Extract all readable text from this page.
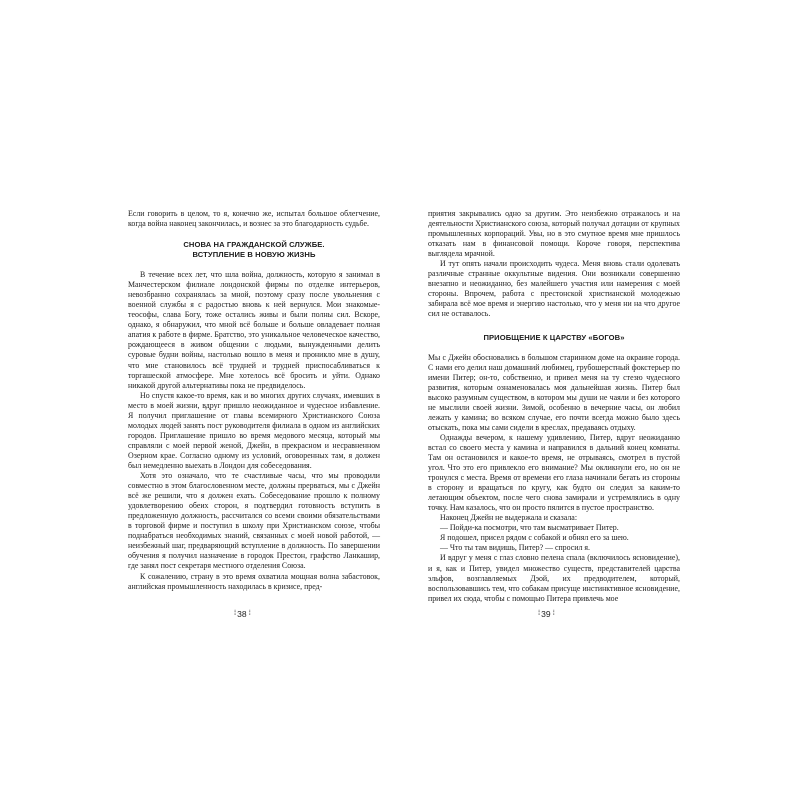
Если говорить в целом, то я, конечно же, испытал большое облегчение, когда война наконец закончилась, и вознес за это благодарность судьбе.

СНОВА НА ГРАЖДАНСКОЙ СЛУЖБЕ.
ВСТУПЛЕНИЕ В НОВУЮ ЖИЗНЬ

В течение всех лет, что шла война, должность, которую я занимал в Манчестерском филиале лондонской фирмы по отделке интерьеров, невозбранно сохранялась за мной, поэтому сразу после увольнения с военной службы я с радостью вновь к ней вернулся. Мои знакомые-теософы, слава Богу, тоже остались живы и были полны сил. Вскоре, однако, я обнаружил, что мной всё больше и больше овладевает полная апатия к работе в фирме. Братство, это уникальное человеческое качество, рождающееся в живом общении с людьми, вынужденными делить суровые будни войны, настолько вошло в меня и проникло мне в душу, что мне становилось всё трудней и трудней приспосабливаться к торгашеской атмосфере. Мне хотелось всё бросить и уйти. Однако никакой другой альтернативы пока не предвиделось.

Но спустя какое-то время, как и во многих других случаях, имевших в место в моей жизни, вдруг пришло неожиданное и чудесное избавление. Я получил приглашение от главы всемирного Христианского Союза молодых людей занять пост руководителя филиала в одном из английских городов. Приглашение пришло во время медового месяца, который мы справляли с моей первой женой, Джейн, в прекрасном и несравненном Озерном крае. Согласно одному из условий, оговоренных там, я должен был немедленно выехать в Лондон для собеседования.

Хотя это означало, что те счастливые часы, что мы проводили совместно в этом благословенном месте, должны прерваться, мы с Джейн всё же решили, что я должен ехать. Собеседование прошло к полному удовлетворению обеих сторон, я подтвердил готовность вступить в предложенную должность, рассчитался со всеми своими обязательствами в торговой фирме и поступил в школу при Христианском союзе, чтобы поднабраться необходимых знаний, связанных с моей новой работой, — неизбежный шаг, предваряющий вступление в должность. По завершении обучения я получил назначение в городок Престон, графство Ланкашир, где занял пост секретаря местного отделения Союза.

К сожалению, страну в это время охватила мощная волна забастовок, английская промышленность находилась в кризисе, пред-

⦙⦙ 38 ⦙⦙

приятия закрывались одно за другим. Это неизбежно отражалось и на деятельности Христианского союза, который получал дотации от крупных промышленных корпораций. Увы, но в это смутное время мне пришлось отказать нам в финансовой помощи. Короче говоря, перспектива выглядела мрачной.

И тут опять начали происходить чудеса. Меня вновь стали одолевать различные странные оккультные видения. Они возникали совершенно внезапно и неожиданно, без малейшего участия или намерения с моей стороны. Впрочем, работа с престонской христианской молодежью забирала всё мое время и энергию настолько, что у меня ни на что другое сил не оставалось.

ПРИОБЩЕНИЕ К ЦАРСТВУ «БОГОВ»

Мы с Джейн обосновались в большом старинном доме на окраине города. С нами его делил наш домашний любимец, грубошерстный фокстерьер по имени Питер; он-то, собственно, и привел меня на ту стезю чудесного развития, которым ознаменовалась моя дальнейшая жизнь. Питер был высоко разумным существом, в котором мы души не чаяли и без которого не мыслили своей жизни. Зимой, особенно в вечерние часы, он любил лежать у камина; во всяком случае, его почти всегда можно было здесь отыскать, пока мы сами сидели в креслах, предаваясь отдыху.

Однажды вечером, к нашему удивлению, Питер, вдруг неожиданно встал со своего места у камина и направился в дальний конец комнаты. Там он остановился и какое-то время, не отрываясь, смотрел в пустой угол. Что это его привлекло его внимание? Мы окликнули его, но он не тронулся с места. Время от времени его глаза начинали бегать из стороны в сторону и вращаться по кругу, как будто он следил за каким-то летающим объектом, после чего снова замирали и устремлялись в одну точку. Нам казалось, что он просто пялится в пустое пространство.

Наконец Джейн не выдержала и сказала:

— Пойди-ка посмотри, что там высматривает Питер.

Я подошел, присел рядом с собакой и обнял его за шею.

— Что ты там видишь, Питер? — спросил я.

И вдруг у меня с глаз словно пелена спала (включилось ясновидение), и я, как и Питер, увидел множество существ, представителей царства эльфов, возглавляемых Дэой, их предводителем, который, воспользовавшись тем, что собакам присуще инстинктивное ясновидение, привел их сюда, чтобы с помощью Питера привлечь мое

⦙⦙ 39 ⦙⦙
